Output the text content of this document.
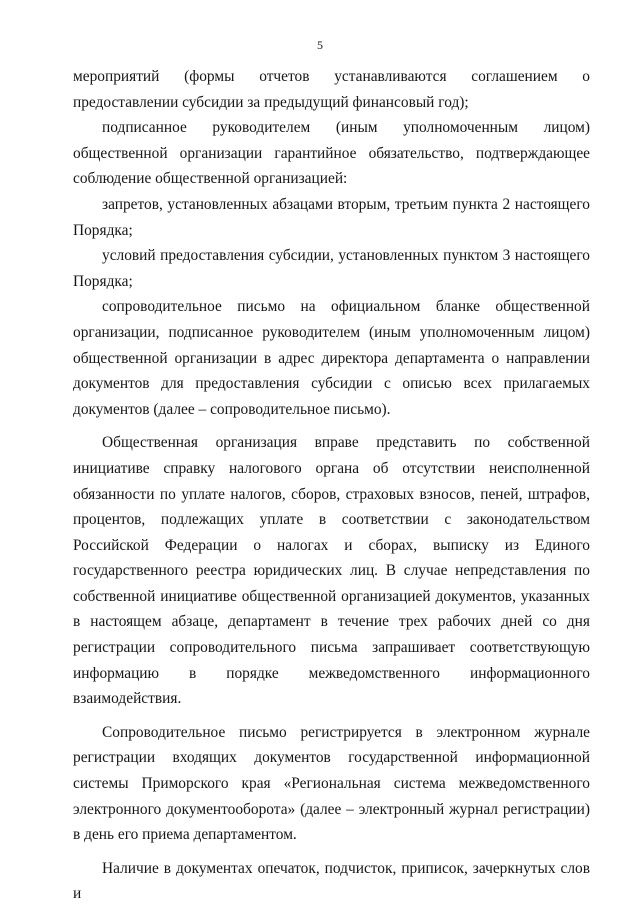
5

мероприятий (формы отчетов устанавливаются соглашением о предоставлении субсидии за предыдущий финансовый год);

подписанное руководителем (иным уполномоченным лицом) общественной организации гарантийное обязательство, подтверждающее соблюдение общественной организацией:

запретов, установленных абзацами вторым, третьим пункта 2 настоящего Порядка;

условий предоставления субсидии, установленных пунктом 3 настоящего Порядка;

сопроводительное письмо на официальном бланке общественной организации, подписанное руководителем (иным уполномоченным лицом) общественной организации в адрес директора департамента о направлении документов для предоставления субсидии с описью всех прилагаемых документов (далее – сопроводительное письмо).

Общественная организация вправе представить по собственной инициативе справку налогового органа об отсутствии неисполненной обязанности по уплате налогов, сборов, страховых взносов, пеней, штрафов, процентов, подлежащих уплате в соответствии с законодательством Российской Федерации о налогах и сборах, выписку из Единого государственного реестра юридических лиц. В случае непредставления по собственной инициативе общественной организацией документов, указанных в настоящем абзаце, департамент в течение трех рабочих дней со дня регистрации сопроводительного письма запрашивает соответствующую информацию в порядке межведомственного информационного взаимодействия.

Сопроводительное письмо регистрируется в электронном журнале регистрации входящих документов государственной информационной системы Приморского края «Региональная система межведомственного электронного документооборота» (далее – электронный журнал регистрации) в день его приема департаментом.

Наличие в документах опечаток, подчисток, приписок, зачеркнутых слов и
